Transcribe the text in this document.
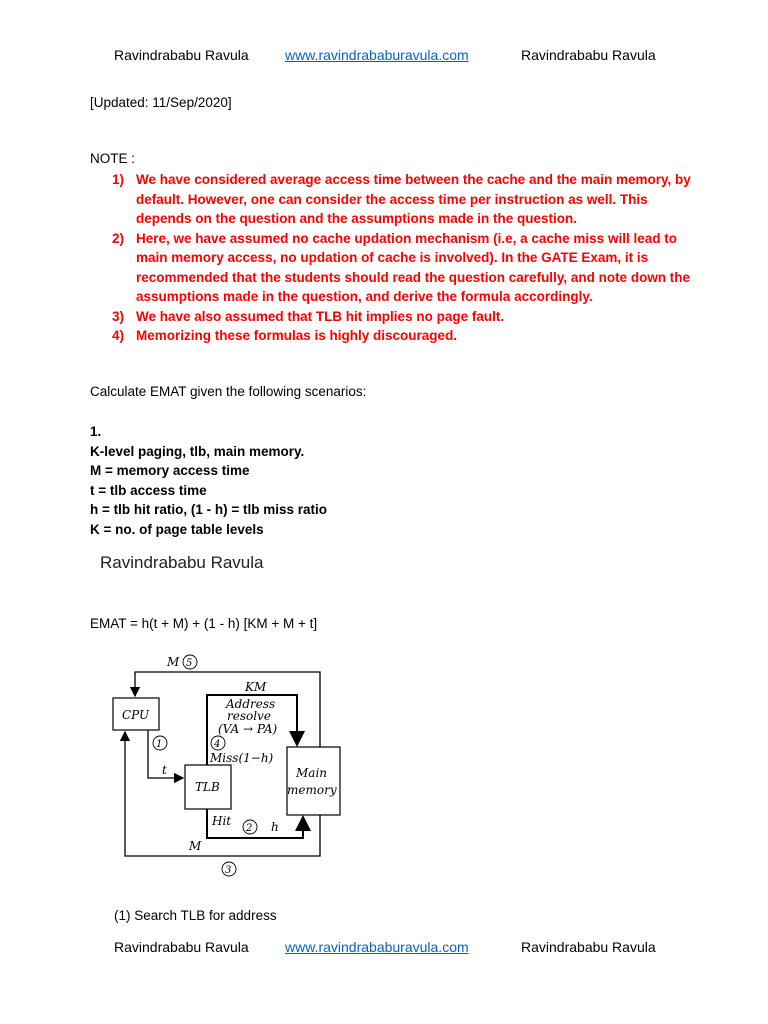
Ravindrababu Ravula	www.ravindrababuravula.com	Ravindrababu Ravula
[Updated: 11/Sep/2020]
NOTE :
1) We have considered average access time between the cache and the main memory, by default. However, one can consider the access time per instruction as well. This depends on the question and the assumptions made in the question.
2) Here, we have assumed no cache updation mechanism (i.e, a cache miss will lead to main memory access, no updation of cache is involved). In the GATE Exam, it is recommended that the students should read the question carefully, and note down the assumptions made in the question, and derive the formula accordingly.
3) We have also assumed that TLB hit implies no page fault.
4) Memorizing these formulas is highly discouraged.
Calculate EMAT given the following scenarios:
1.
K-level paging, tlb, main memory.
M = memory access time
t = tlb access time
h = tlb hit ratio, (1 - h) = tlb miss ratio
K = no. of page table levels
Ravindrababu Ravula
EMAT = h(t + M) + (1 - h) [KM + M + t]
CPU
TLB
Main
memory
M 5
KM
Address
resolve
(VA → PA)
4
Miss(1−h)
1
t
Hit
2 h
M
3
(1) Search TLB for address
Ravindrababu Ravula	www.ravindrababuravula.com	Ravindrababu Ravula
